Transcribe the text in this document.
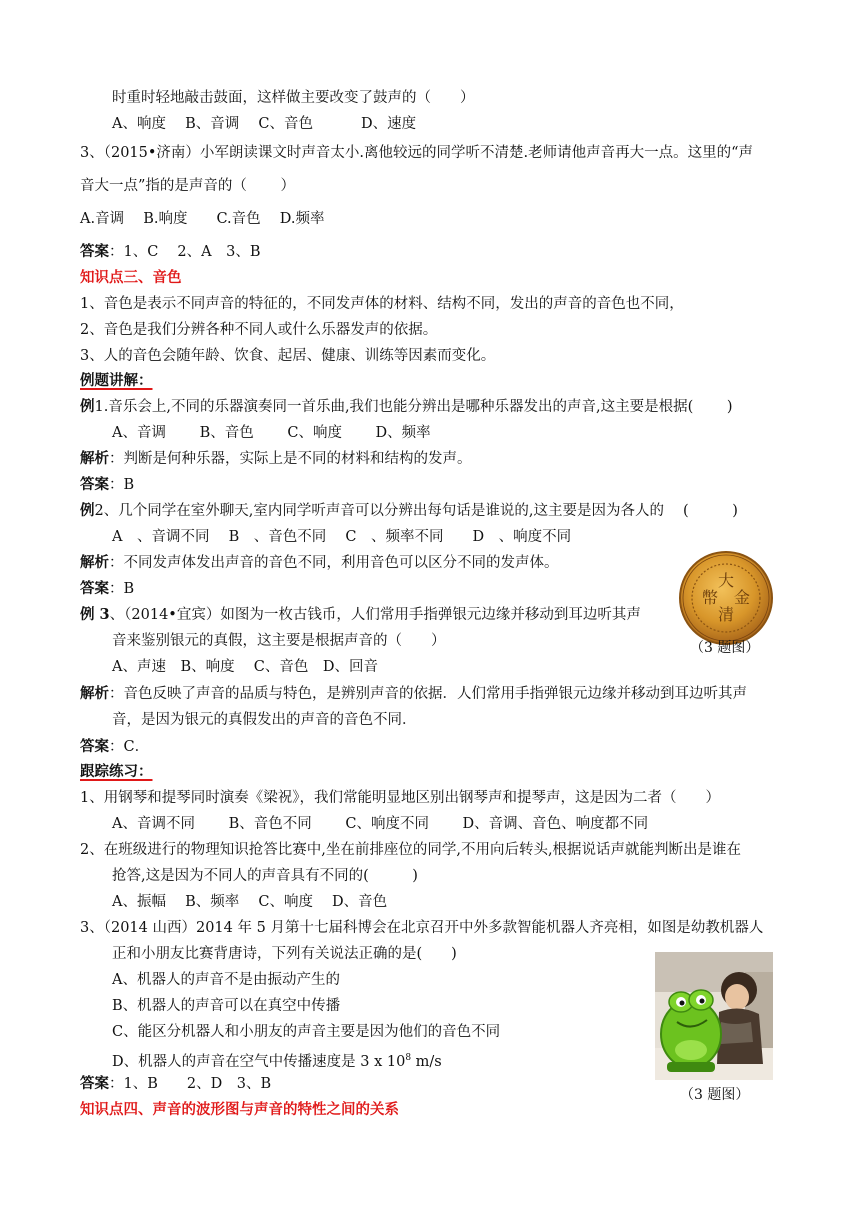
时重时轻地敲击鼓面，这样做主要改变了鼓声的（　　）
A、响度　 B、音调　 C、音色　　　 D、速度
3、（2015•济南）小军朗读课文时声音太小.离他较远的同学听不清楚.老师请他声音再大一点。这里的“声
音大一点”指的是声音的（　　 ）
A.音调　 B.响度　　C.音色　 D.频率
答案：1、C　 2、A　3、B
知识点三、音色
1、音色是表示不同声音的特征的，不同发声体的材料、结构不同，发出的声音的音色也不同，
2、音色是我们分辨各种不同人或什么乐器发声的依据。
3、人的音色会随年龄、饮食、起居、健康、训练等因素而变化。
例题讲解：
例1.音乐会上,不同的乐器演奏同一首乐曲,我们也能分辨出是哪种乐器发出的声音,这主要是根据(　　 )
A、音调　　 B、音色　　 C、响度　　 D、频率
解析：判断是何种乐器，实际上是不同的材料和结构的发声。
答案：B
例2、几个同学在室外聊天,室内同学听声音可以分辨出每句话是谁说的,这主要是因为各人的　 (　　　)
A　、音调不同　 B　、音色不同　 C　、频率不同　　D　、响度不同
解析：不同发声体发出声音的音色不同，利用音色可以区分不同的发声体。
答案：B
例 3、（2014•宜宾）如图为一枚古钱币，人们常用手指弹银元边缘并移动到耳边听其声
音来鉴别银元的真假，这主要是根据声音的（　　）
A、声速　B、响度　 C、音色　D、回音
大
金
清
幣
（3 题图）
解析：音色反映了声音的品质与特色，是辨别声音的依据．人们常用手指弹银元边缘并移动到耳边听其声
音，是因为银元的真假发出的声音的音色不同．
答案：C．
跟踪练习：
1、用钢琴和提琴同时演奏《梁祝》，我们常能明显地区别出钢琴声和提琴声，这是因为二者（　　）
A、音调不同　　 B、音色不同　　 C、响度不同　　 D、音调、音色、响度都不同
2、在班级进行的物理知识抢答比赛中,坐在前排座位的同学,不用向后转头,根据说话声就能判断出是谁在
抢答,这是因为不同人的声音具有不同的(　　　)
A、振幅　 B、频率　 C、响度　 D、音色
3、（2014 山西）2014 年 5 月第十七届科博会在北京召开中外多款智能机器人齐亮相，如图是幼教机器人
正和小朋友比赛背唐诗，下列有关说法正确的是(　　)
A、机器人的声音不是由振动产生的
B、机器人的声音可以在真空中传播
C、能区分机器人和小朋友的声音主要是因为他们的音色不同
D、机器人的声音在空气中传播速度是 3 x $10^8$ m/s
（3 题图）
答案：1、B　　2、D　3、B
知识点四、声音的波形图与声音的特性之间的关系
